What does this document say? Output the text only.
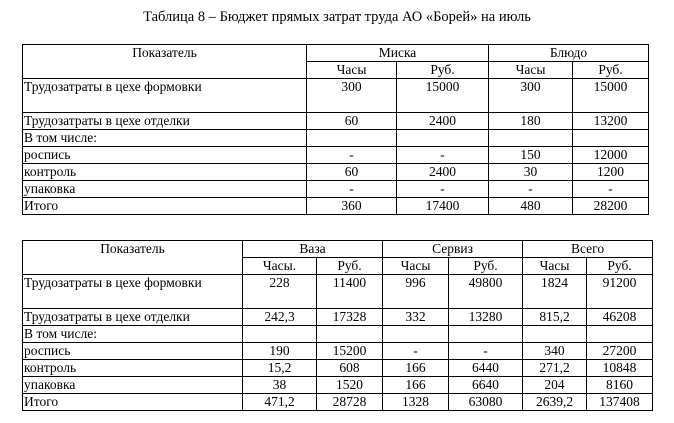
Таблица 8 – Бюджет прямых затрат труда АО «Борей» на июль
Показатель	Миска		Блюдо	
	Часы	Руб.	Часы	Руб.
Трудозатраты в цехе формовки	300	15000	300	15000
Трудозатраты в цехе отделки	60	2400	180	13200
В том числе:				
роспись	-	-	150	12000
контроль	60	2400	30	1200
упаковка	-	-	-	-
Итого	360	17400	480	28200
Показатель	Ваза		Сервиз		Всего	
	Часы.	Руб.	Часы	Руб.	Часы	Руб.
Трудозатраты в цехе формовки	228	11400	996	49800	1824	91200
Трудозатраты в цехе отделки	242,3	17328	332	13280	815,2	46208
В том числе:						
роспись	190	15200	-	-	340	27200
контроль	15,2	608	166	6440	271,2	10848
упаковка	38	1520	166	6640	204	8160
Итого	471,2	28728	1328	63080	2639,2	137408
